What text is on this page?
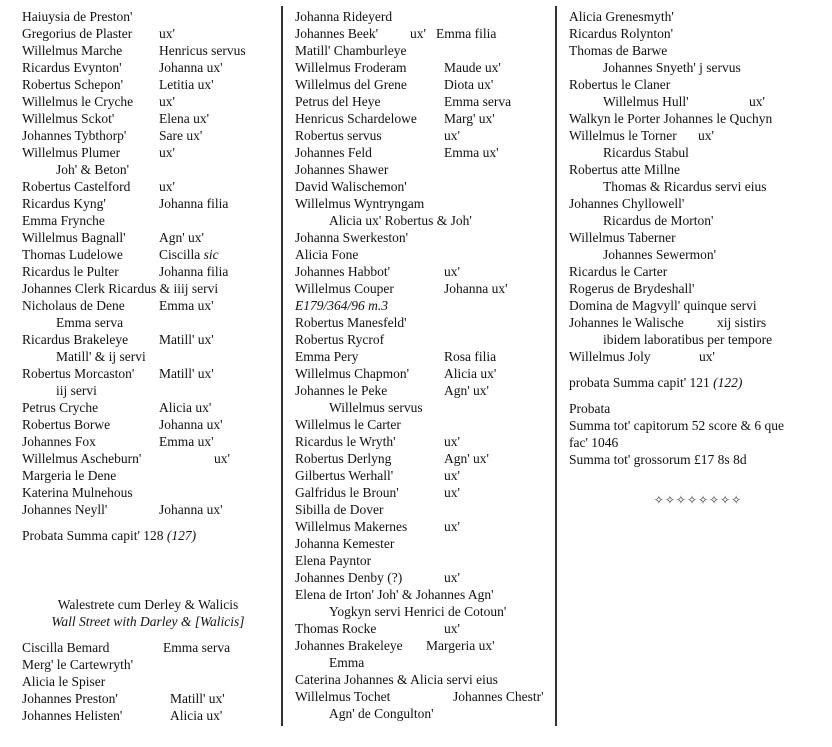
Haiuysia de Preston'
Gregorius de Plaster ux'
Willelmus Marche	Henricus servus
Ricardus Evynton'	Johanna ux'
Robertus Schepon'	Letitia ux'
Willelmus le Cryche ux'
Willelmus Sckot'	Elena ux'
Johannes Tybthorp' Sare ux'
Willelmus Plumer	ux'
Joh' & Beton'
Robertus Castelford ux'
Ricardus Kyng'	Johanna filia
Emma Frynche
Willelmus Bagnall' Agn' ux'
Thomas Ludelowe	Ciscilla sic
Ricardus le Pulter	Johanna filia
Johannes Clerk Ricardus & iiij servi
Nicholaus de Dene	Emma ux'
Emma serva
Ricardus Brakeleye Matill' ux'
Matill' & ij servi
Robertus Morcaston' Matill' ux'
iij servi
Petrus Cryche	Alicia ux'
Robertus Borwe	Johanna ux'
Johannes Fox	Emma ux'
Willelmus Ascheburn'	ux'
Margeria le Dene
Katerina Mulnehous
Johannes Neyll'	Johanna ux'
Probata Summa capit' 128 (127)
Walestrete cum Derley & Walicis
Wall Street with Darley & [Walicis]
Ciscilla Bemard	Emma serva
Merg' le Cartewryth'
Alicia le Spiser
Johannes Preston'	Matill' ux'
Johannes Helisten'	Alicia ux'
Johanna Rideyerd
Johannes Beek' ux'   Emma filia
Matill' Chamburleye
Willelmus Froderam	Maude ux'
Willelmus del Grene	Diota ux'
Petrus del Heye	Emma serva
Henricus Schardelowe Marg' ux'
Robertus servus	ux'
Johannes Feld	Emma ux'
Johannes Shawer
David Walischemon'
Willelmus Wyntryngam
Alicia ux' Robertus & Joh'
Johanna Swerkeston'
Alicia Fone
Johannes Habbot'	ux'
Willelmus Couper	Johanna ux'
E179/364/96 m.3
Robertus Manesfeld'
Robertus Rycrof
Emma Pery	Rosa filia
Willelmus Chapmon'	Alicia ux'
Johannes le Peke	Agn' ux'
Willelmus servus
Willelmus le Carter
Ricardus le Wryth'	ux'
Robertus Derlyng	Agn' ux'
Gilbertus Werhall'	ux'
Galfridus le Broun'	ux'
Sibilla de Dover
Willelmus Makernes	ux'
Johanna Kemester
Elena Payntor
Johannes Denby (?)	ux'
Elena de Irton' Joh' & Johannes Agn'
Yogkyn servi Henrici de Cotoun'
Thomas Rocke	ux'
Johannes Brakeleye Margeria ux'
Emma
Caterina Johannes & Alicia servi eius
Willelmus Tochet	Johannes Chestr'
Agn' de Congulton'
Alicia Grenesmyth'
Ricardus Rolynton'
Thomas de Barwe
Johannes Snyeth' j servus
Robertus le Claner
Willelmus Hull'	ux'
Walkyn le Porter Johannes le Quchyn
Willelmus le Torner ux'
Ricardus Stabul
Robertus atte Millne
Thomas & Ricardus servi eius
Johannes Chyllowell'
Ricardus de Morton'
Willelmus Taberner
Johannes Sewermon'
Ricardus le Carter
Rogerus de Brydeshall'
Domina de Magvyll' quinque servi
Johannes le Walische xij sistirs
ibidem laboratibus per tempore
Willelmus Joly	ux'
probata Summa capit' 121 (122)
Probata
Summa tot' capitorum 52 score & 6 que
fac' 1046
Summa tot' grossorum £17 8s 8d
✧✧✧✧✧✧✧✧
